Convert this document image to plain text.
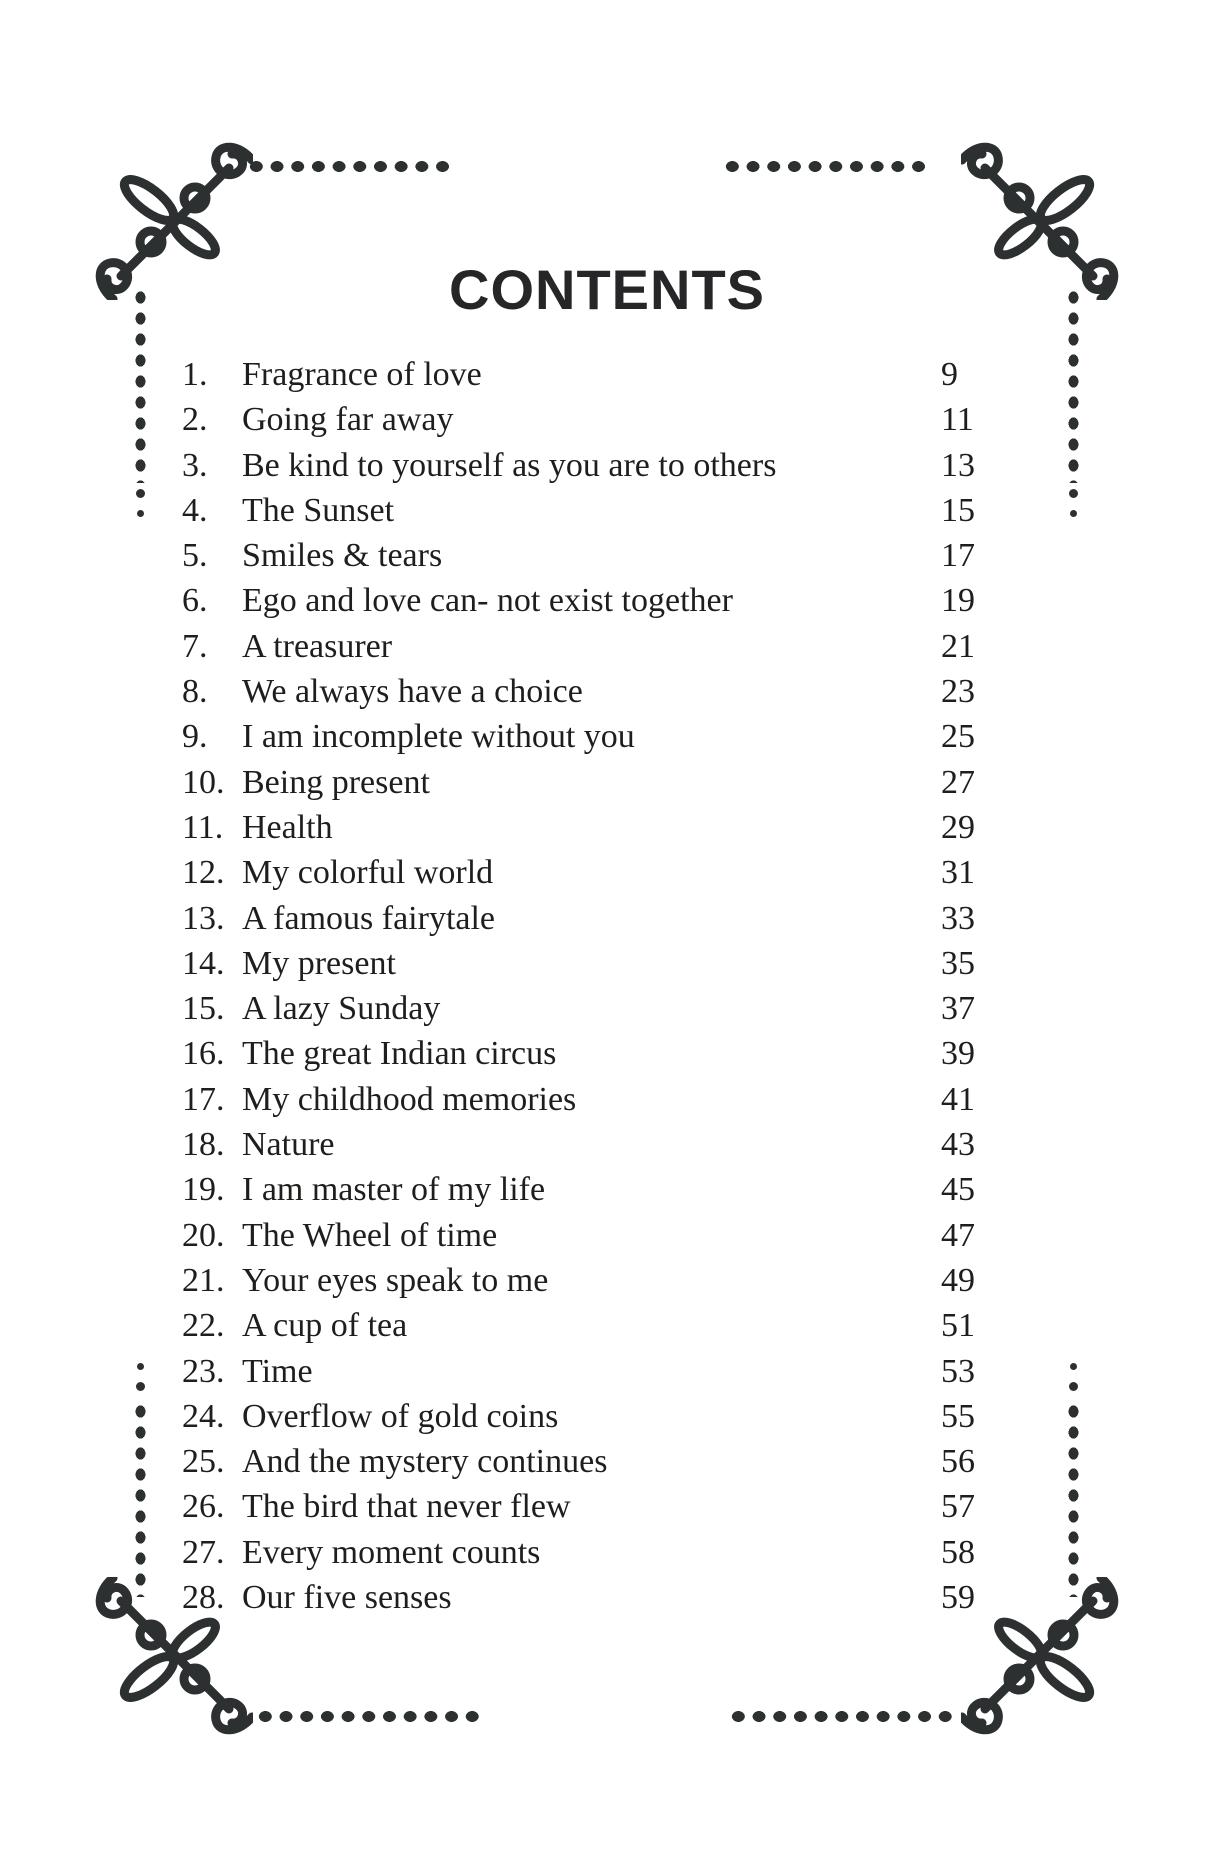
CONTENTS
1. Fragrance of love	9
2. Going far away	11
3. Be kind to yourself as you are to others	13
4. The Sunset	15
5. Smiles & tears	17
6. Ego and love can- not exist together	19
7. A treasurer	21
8. We always have a choice	23
9. I am incomplete without you	25
10. Being present	27
11. Health	29
12. My colorful world	31
13. A famous fairytale	33
14. My present	35
15. A lazy Sunday	37
16. The great Indian circus	39
17. My childhood memories	41
18. Nature	43
19. I am master of my life	45
20. The Wheel of time	47
21. Your eyes speak to me	49
22. A cup of tea	51
23. Time	53
24. Overflow of gold coins	55
25. And the mystery continues	56
26. The bird that never flew	57
27. Every moment counts	58
28. Our five senses	59
